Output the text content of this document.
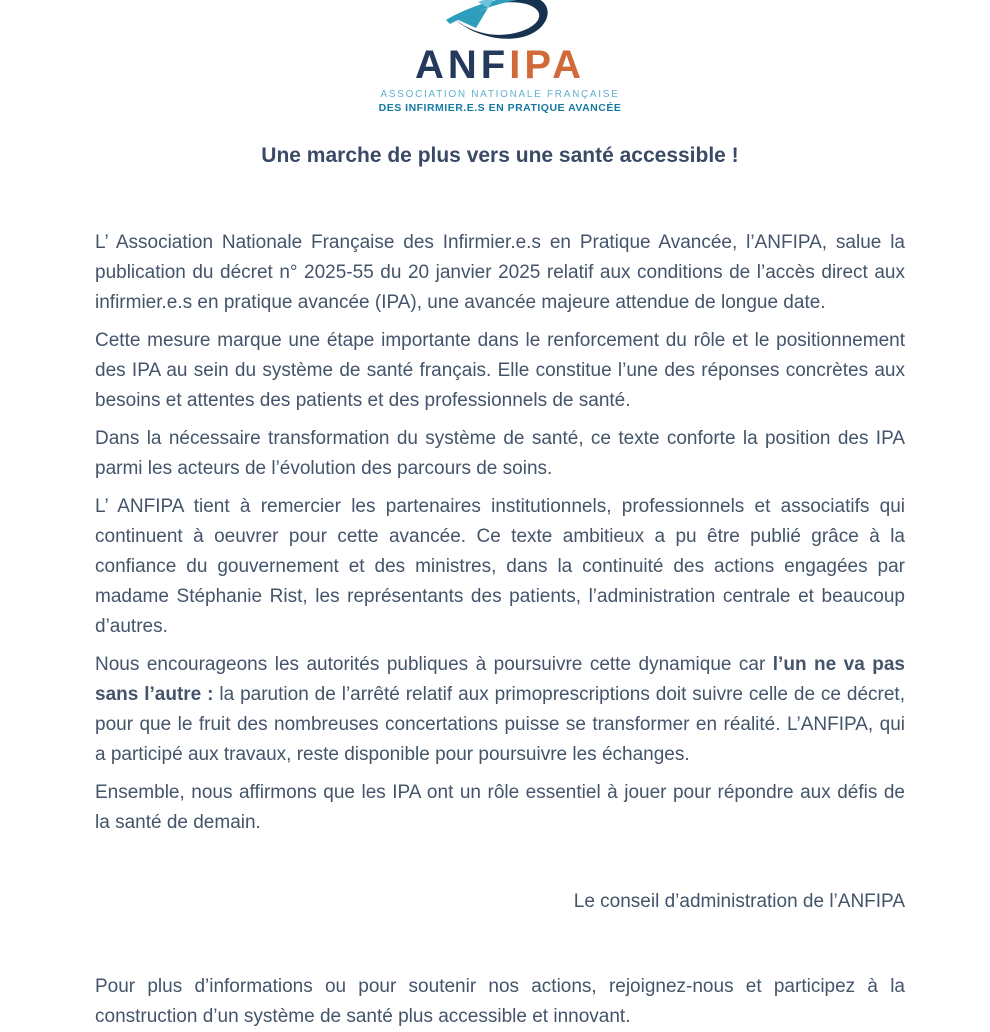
ANFIPA
ASSOCIATION NATIONALE FRANÇAISE
DES INFIRMIER.E.S EN PRATIQUE AVANCÉE
Une marche de plus vers une santé accessible !

L’ Association Nationale Française des Infirmier.e.s en Pratique Avancée, l’ANFIPA, salue la publication du décret n° 2025-55 du 20 janvier 2025 relatif aux conditions de l’accès direct aux infirmier.e.s en pratique avancée (IPA), une avancée majeure attendue de longue date.

Cette mesure marque une étape importante dans le renforcement du rôle et le positionnement des IPA au sein du système de santé français. Elle constitue l’une des réponses concrètes aux besoins et attentes des patients et des professionnels de santé.

Dans la nécessaire transformation du système de santé, ce texte conforte la position des IPA parmi les acteurs de l’évolution des parcours de soins.

L’ ANFIPA tient à remercier les partenaires institutionnels, professionnels et associatifs qui continuent à oeuvrer pour cette avancée. Ce texte ambitieux a pu être publié grâce à la confiance du gouvernement et des ministres, dans la continuité des actions engagées par madame Stéphanie Rist, les représentants des patients, l’administration centrale et beaucoup d’autres.

Nous encourageons les autorités publiques à poursuivre cette dynamique car l’un ne va pas sans l’autre : la parution de l’arrêté relatif aux primoprescriptions doit suivre celle de ce décret, pour que le fruit des nombreuses concertations puisse se transformer en réalité. L’ANFIPA, qui a participé aux travaux, reste disponible pour poursuivre les échanges.

Ensemble, nous affirmons que les IPA ont un rôle essentiel à jouer pour répondre aux défis de la santé de demain.

Le conseil d’administration de l’ANFIPA

Pour plus d’informations ou pour soutenir nos actions, rejoignez-nous et participez à la construction d’un système de santé plus accessible et innovant.
